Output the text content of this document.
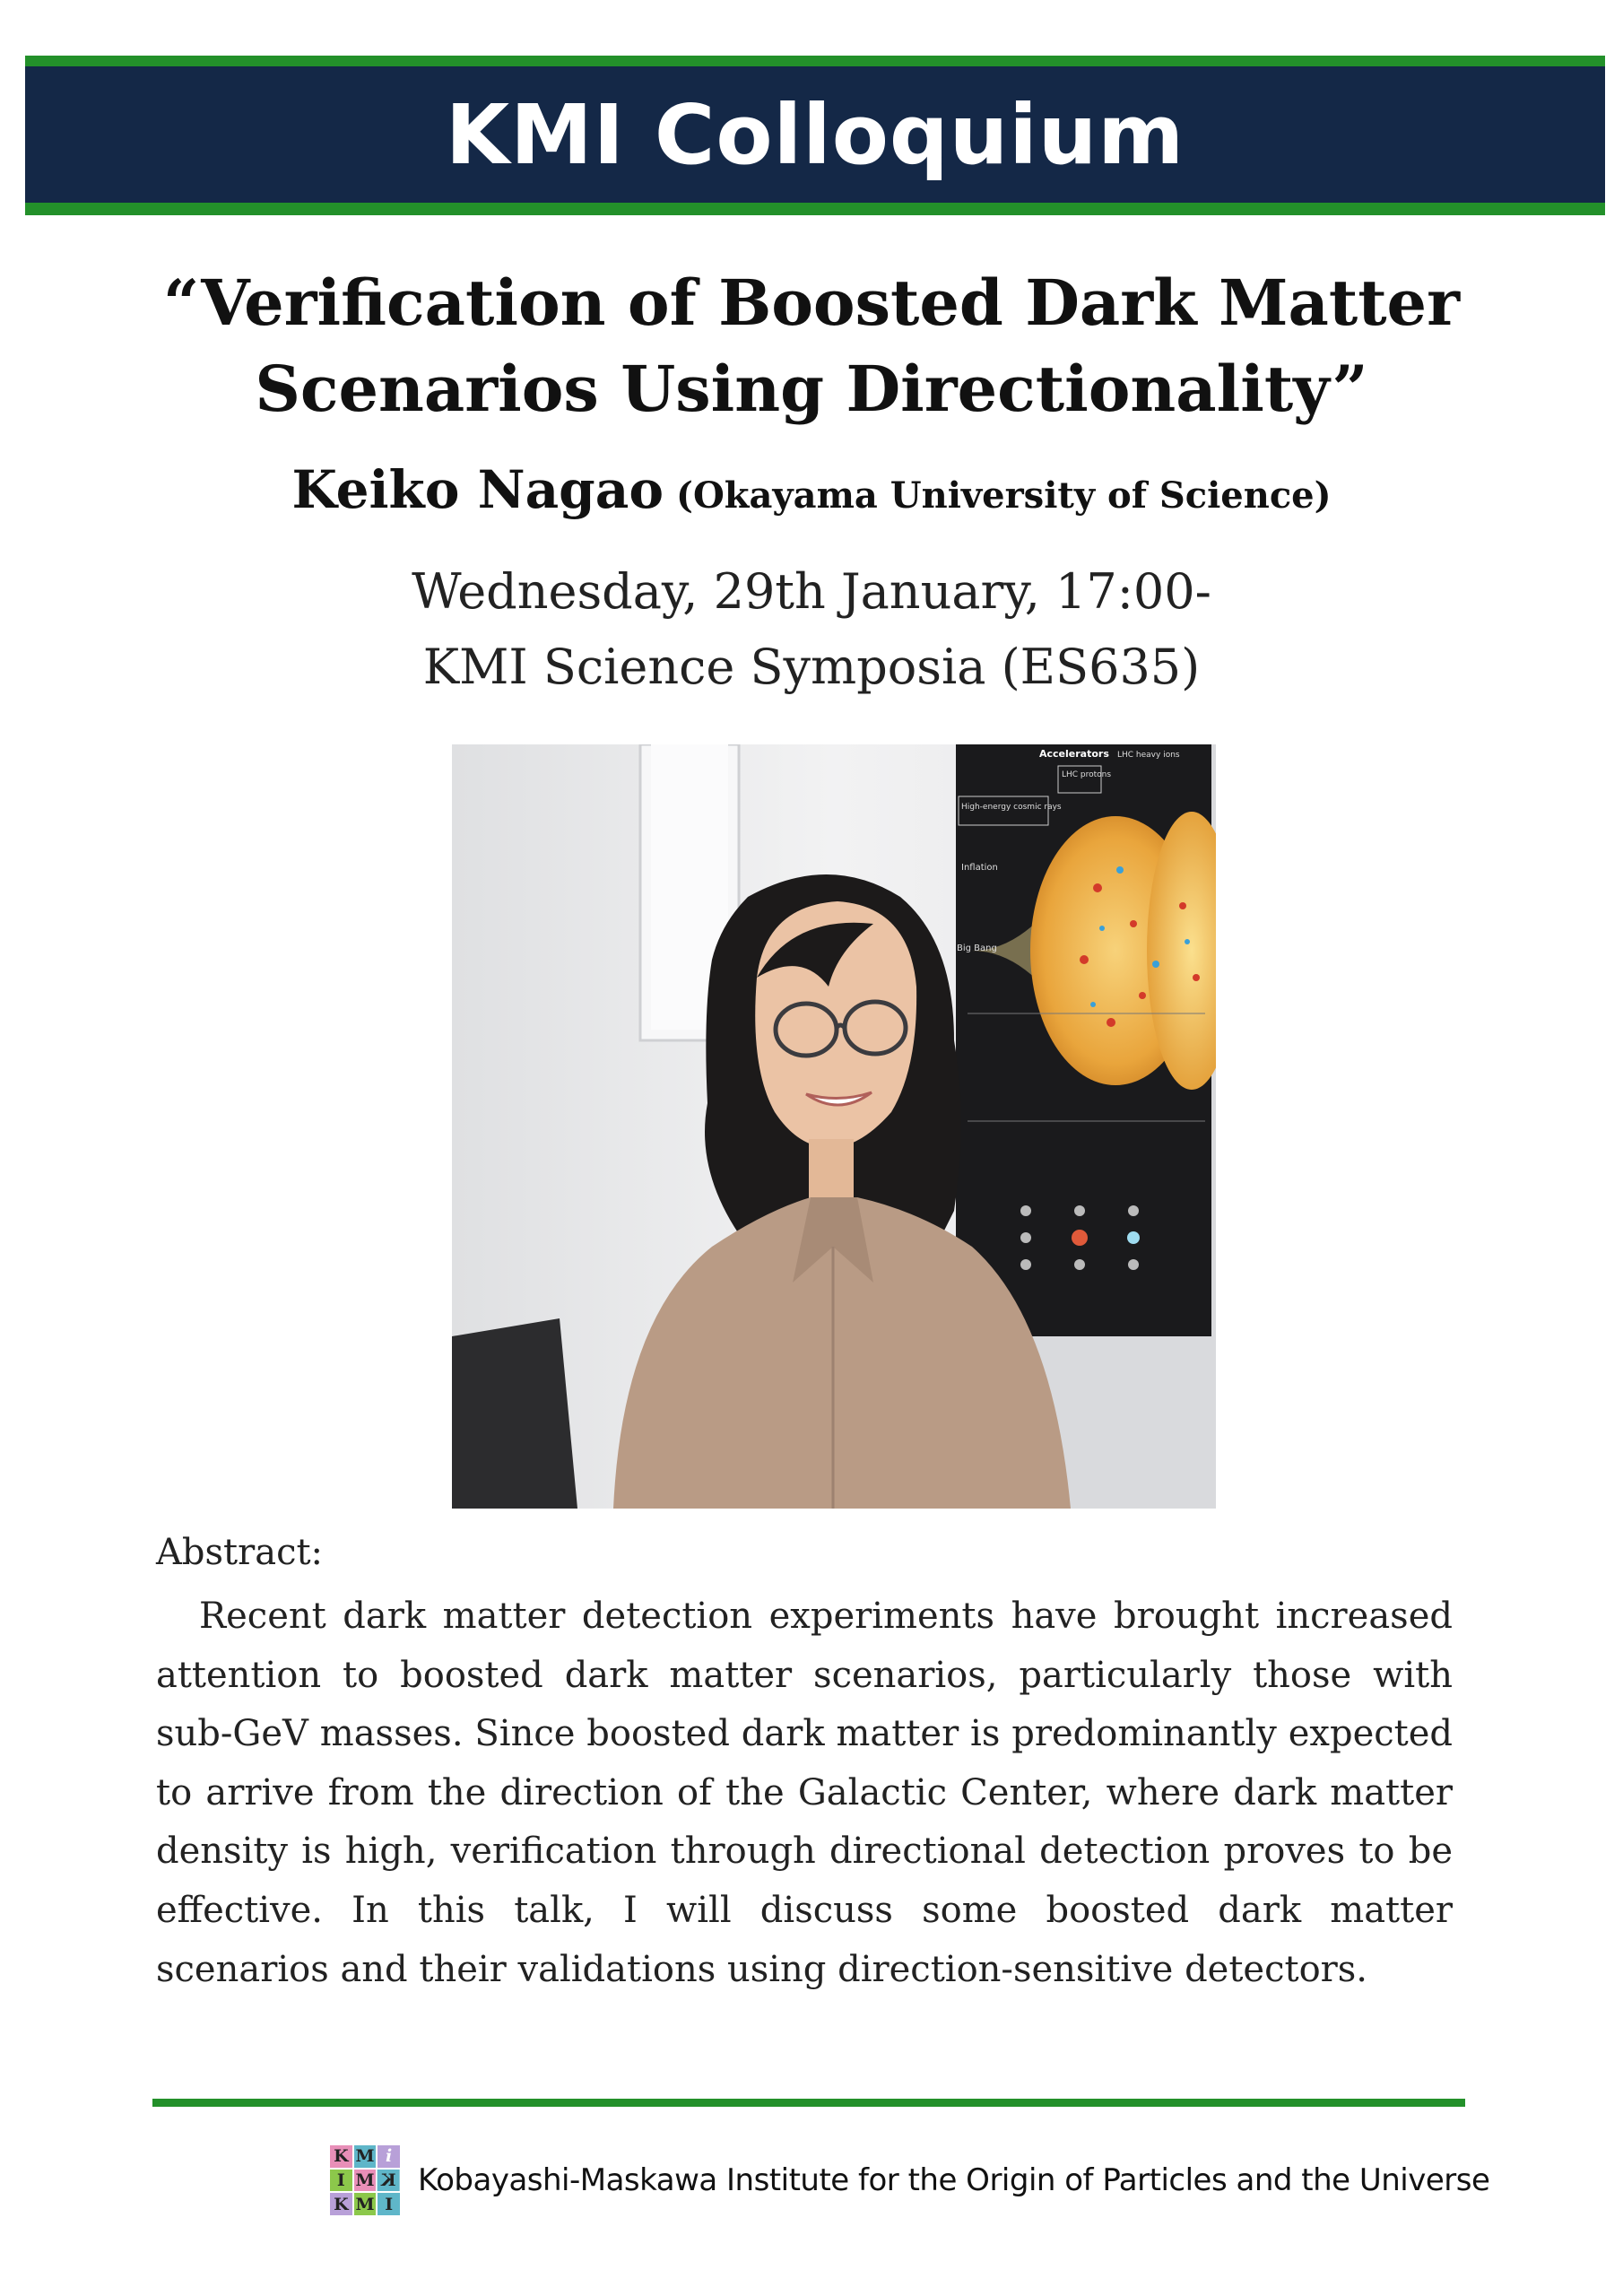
KMI Colloquium
“Verification of Boosted Dark Matter
Scenarios Using Directionality”
Keiko Nagao (Okayama University of Science)
Wednesday, 29th January, 17:00-
KMI Science Symposia (ES635)
Accelerators
LHC protons
LHC heavy ions
High-energy cosmic rays
Inflation
Big Bang
Abstract:
Recent dark matter detection experiments have brought increased attention to boosted dark matter scenarios, particularly those with sub-GeV masses. Since boosted dark matter is predominantly expected to arrive from the direction of the Galactic Center, where dark matter density is high, verification through directional detection proves to be effective. In this talk, I will discuss some boosted dark matter scenarios and their validations using direction-sensitive detectors.
K M i
I M K
K M I
Kobayashi-Maskawa Institute for the Origin of Particles and the Universe
